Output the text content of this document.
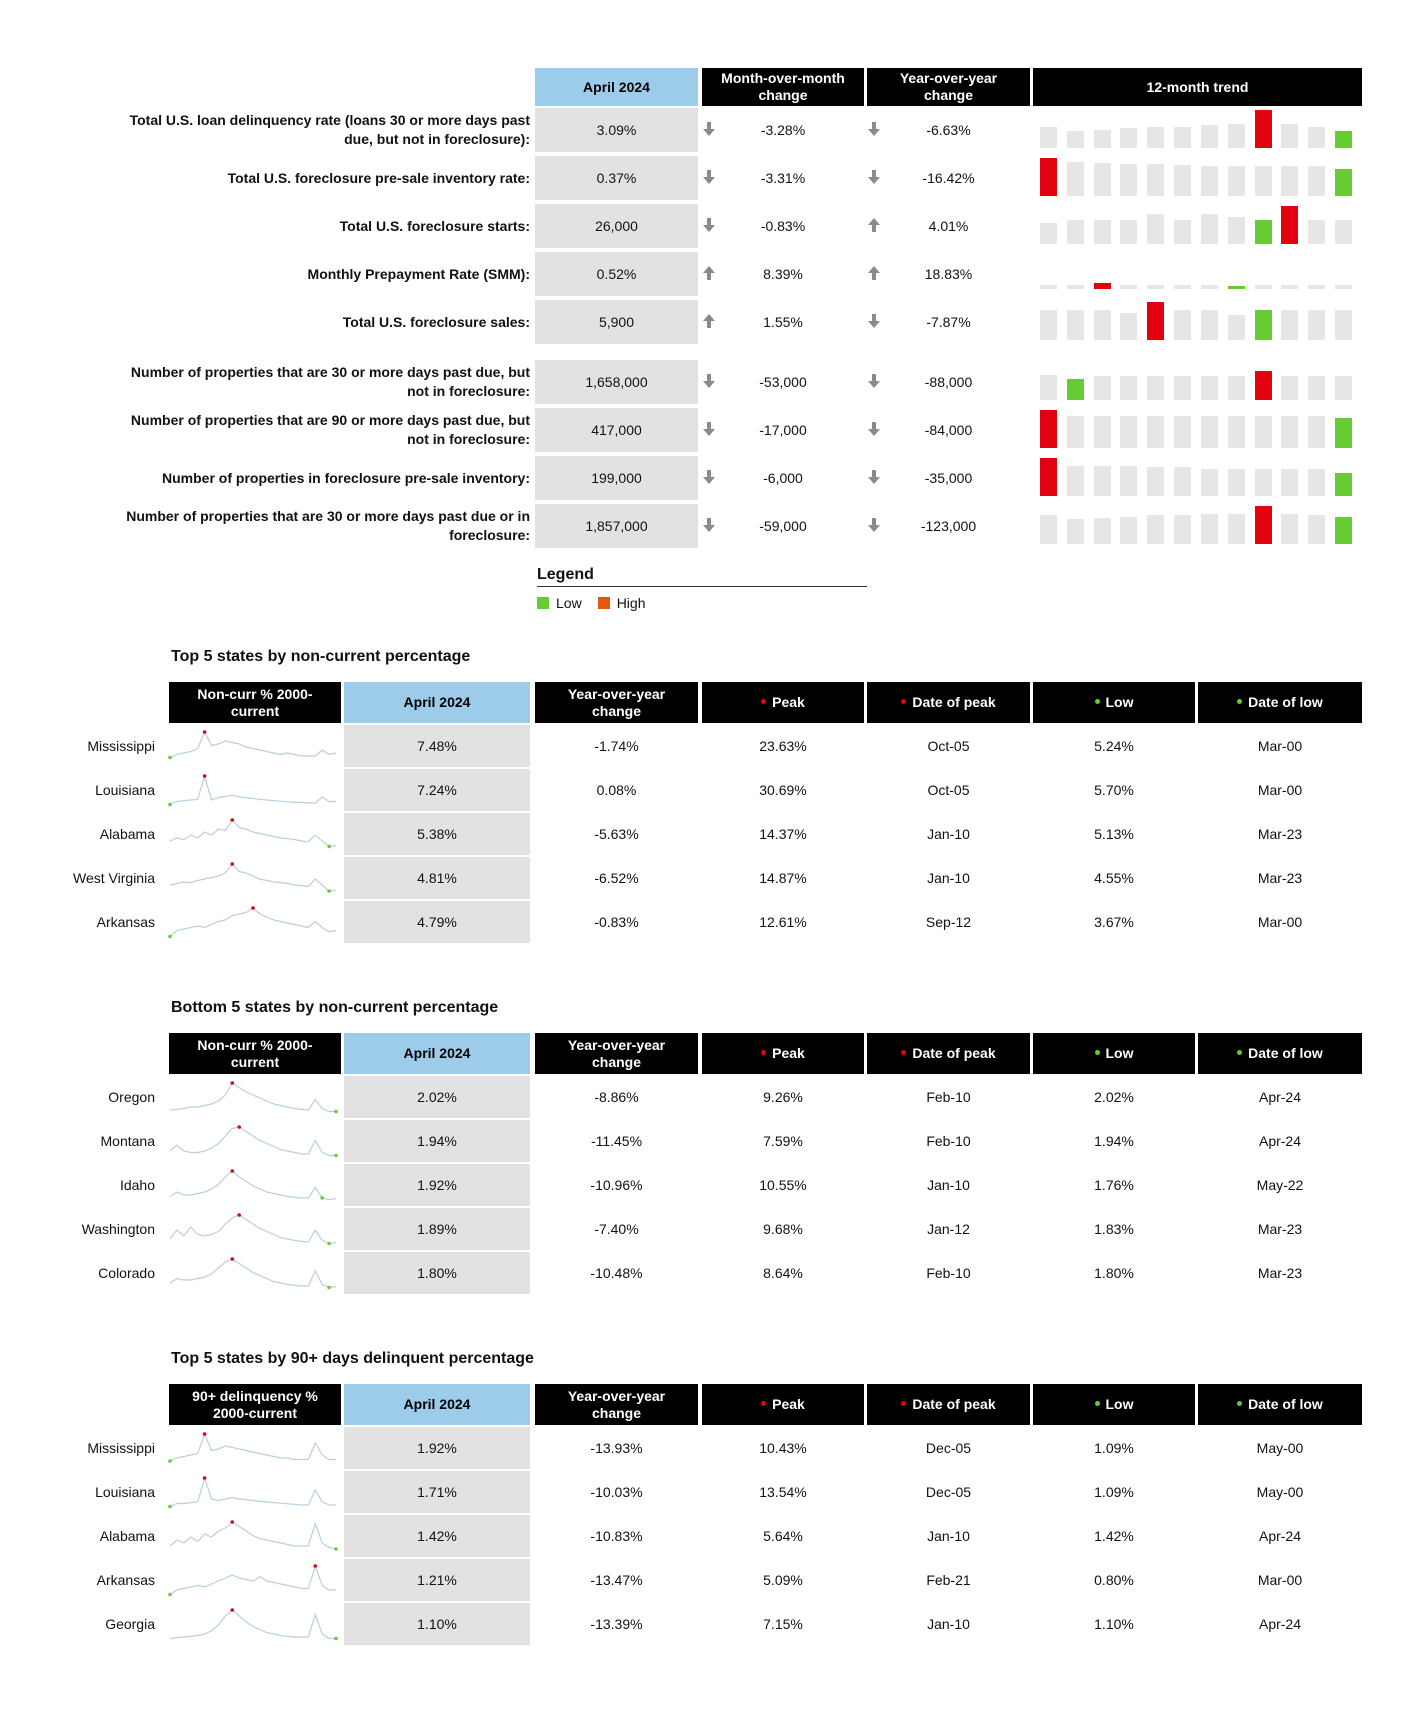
April 2024
Month-over-month change
Year-over-year change
12-month trend
Total U.S. loan delinquency rate (loans 30 or more days past due, but not in foreclosure):
3.09%	-3.28%	-6.63%
Total U.S. foreclosure pre-sale inventory rate:	0.37%	-3.31%	-16.42%
Total U.S. foreclosure starts:	26,000	-0.83%	4.01%
Monthly Prepayment Rate (SMM):	0.52%	8.39%	18.83%
Total U.S. foreclosure sales:	5,900	1.55%	-7.87%
Number of properties that are 30 or more days past due, but not in foreclosure:
1,658,000	-53,000	-88,000
Number of properties that are 90 or more days past due, but not in foreclosure:
417,000	-17,000	-84,000
Number of properties in foreclosure pre-sale inventory:	199,000	-6,000	-35,000
Number of properties that are 30 or more days past due or in foreclosure:
1,857,000	-59,000	-123,000
Legend
Low	High
Top 5 states by non-current percentage
Non-curr % 2000-current
April 2024
Year-over-year change
Peak	Date of peak	Low	Date of low
Mississippi	7.48%	-1.74%	23.63%	Oct-05	5.24%	Mar-00
Louisiana	7.24%	0.08%	30.69%	Oct-05	5.70%	Mar-00
Alabama	5.38%	-5.63%	14.37%	Jan-10	5.13%	Mar-23
West Virginia	4.81%	-6.52%	14.87%	Jan-10	4.55%	Mar-23
Arkansas	4.79%	-0.83%	12.61%	Sep-12	3.67%	Mar-00
Bottom 5 states by non-current percentage
Non-curr % 2000-current
April 2024
Year-over-year change
Peak	Date of peak	Low	Date of low
Oregon	2.02%	-8.86%	9.26%	Feb-10	2.02%	Apr-24
Montana	1.94%	-11.45%	7.59%	Feb-10	1.94%	Apr-24
Idaho	1.92%	-10.96%	10.55%	Jan-10	1.76%	May-22
Washington	1.89%	-7.40%	9.68%	Jan-12	1.83%	Mar-23
Colorado	1.80%	-10.48%	8.64%	Feb-10	1.80%	Mar-23
Top 5 states by 90+ days delinquent percentage
90+ delinquency % 2000-current
April 2024
Year-over-year change
Peak	Date of peak	Low	Date of low
Mississippi	1.92%	-13.93%	10.43%	Dec-05	1.09%	May-00
Louisiana	1.71%	-10.03%	13.54%	Dec-05	1.09%	May-00
Alabama	1.42%	-10.83%	5.64%	Jan-10	1.42%	Apr-24
Arkansas	1.21%	-13.47%	5.09%	Feb-21	0.80%	Mar-00
Georgia	1.10%	-13.39%	7.15%	Jan-10	1.10%	Apr-24
